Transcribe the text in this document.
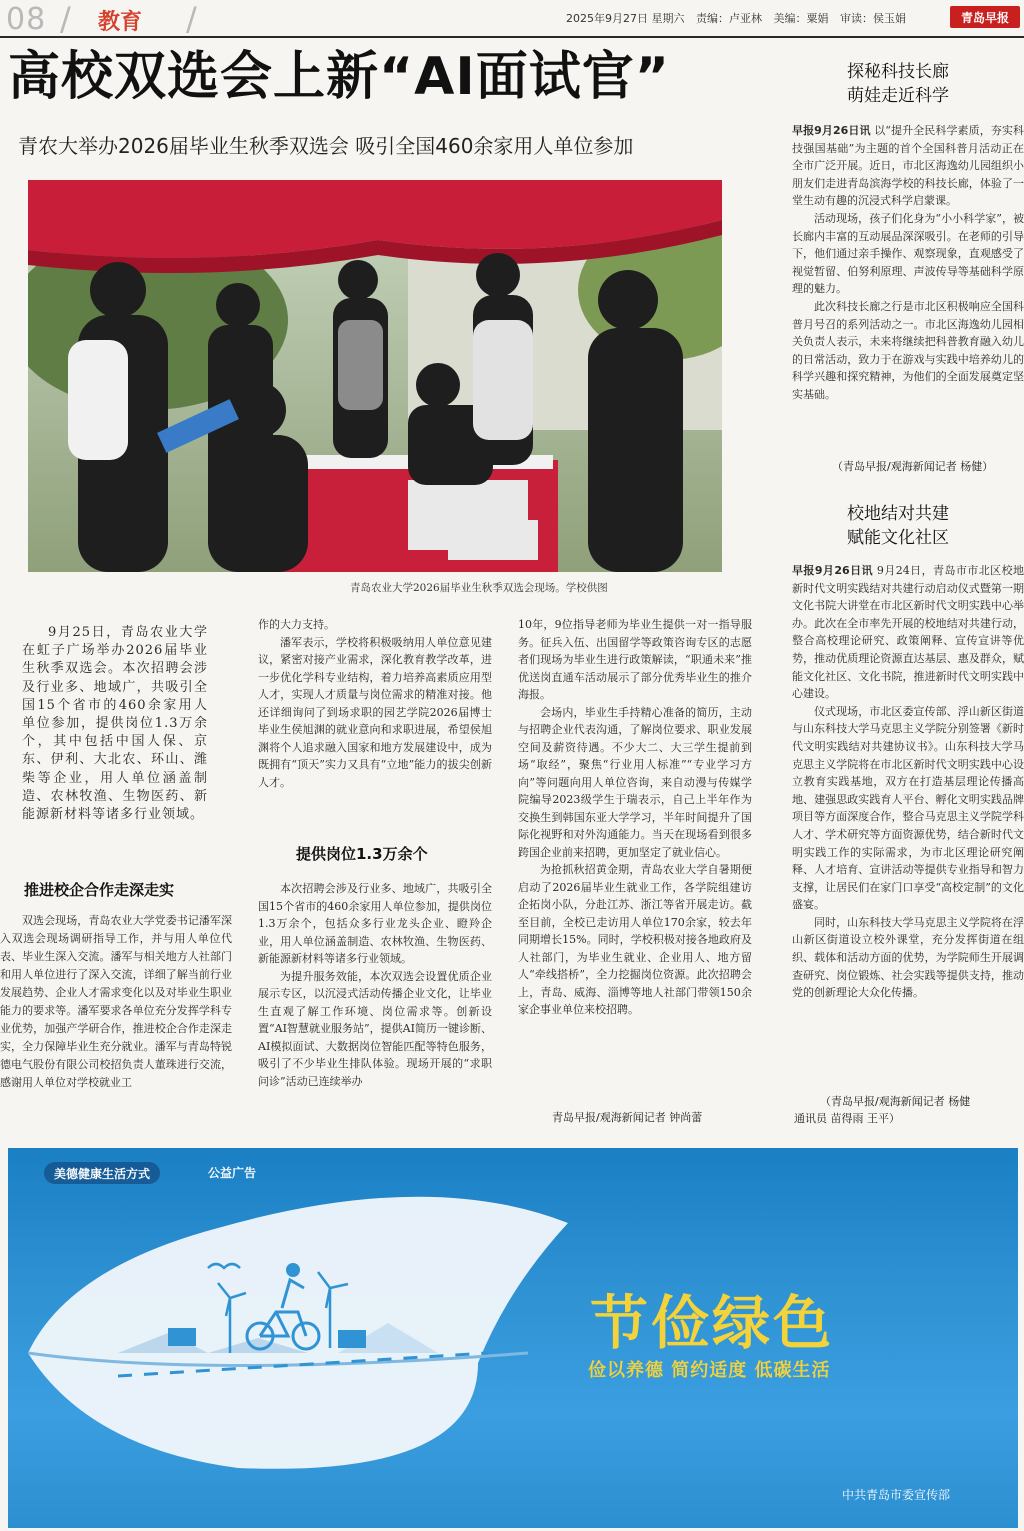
08 / 教育 /	2025年9月27日 星期六 责编：卢亚林 美编：粟娟 审读：侯玉娟	青岛早报
高校双选会上新“AI面试官”
青农大举办2026届毕业生秋季双选会 吸引全国460余家用人单位参加
青岛农业大学2026届毕业生秋季双选会现场。学校供图

9月25日，青岛农业大学在虹子广场举办2026届毕业生秋季双选会。本次招聘会涉及行业多、地域广，共吸引全国15个省市的460余家用人单位参加，提供岗位1.3万余个，其中包括中国人保、京东、伊利、大北农、环山、潍柴等企业，用人单位涵盖制造、农林牧渔、生物医药、新能源新材料等诸多行业领域。

推进校企合作走深走实

双选会现场，青岛农业大学党委书记潘军深入双选会现场调研指导工作，并与用人单位代表、毕业生深入交流。潘军与相关地方人社部门和用人单位进行了深入交流，详细了解当前行业发展趋势、企业人才需求变化以及对毕业生职业能力的要求等。潘军要求各单位充分发挥学科专业优势，加强产学研合作，推进校企合作走深走实，全力保障毕业生充分就业。潘军与青岛特锐德电气股份有限公司校招负责人董珠进行交流，感谢用人单位对学校就业工

作的大力支持。

潘军表示，学校将积极吸纳用人单位意见建议，紧密对接产业需求，深化教育教学改革，进一步优化学科专业结构，着力培养高素质应用型人才，实现人才质量与岗位需求的精准对接。他还详细询问了到场求职的园艺学院2026届博士毕业生侯旭渊的就业意向和求职进展，希望侯旭渊将个人追求融入国家和地方发展建设中，成为既拥有“顶天”实力又具有“立地”能力的拔尖创新人才。

提供岗位1.3万余个

本次招聘会涉及行业多、地域广，共吸引全国15个省市的460余家用人单位参加，提供岗位1.3万余个，包括众多行业龙头企业、瞪羚企业，用人单位涵盖制造、农林牧渔、生物医药、新能源新材料等诸多行业领域。

为提升服务效能，本次双选会设置优质企业展示专区，以沉浸式活动传播企业文化，让毕业生直观了解工作环境、岗位需求等。创新设置“AI智慧就业服务站”，提供AI简历一键诊断、AI模拟面试、大数据岗位智能匹配等特色服务，吸引了不少毕业生排队体验。现场开展的“求职问诊”活动已连续举办

10年，9位指导老师为毕业生提供一对一指导服务。征兵入伍、出国留学等政策咨询专区的志愿者们现场为毕业生进行政策解读，“职通未来”推优送岗直通车活动展示了部分优秀毕业生的推介海报。

会场内，毕业生手持精心准备的简历，主动与招聘企业代表沟通，了解岗位要求、职业发展空间及薪资待遇。不少大二、大三学生提前到场“取经”，聚焦“行业用人标准”“专业学习方向”等问题向用人单位咨询，来自动漫与传媒学院编导2023级学生于瑞表示，自己上半年作为交换生到韩国东亚大学学习，半年时间提升了国际化视野和对外沟通能力。当天在现场看到很多跨国企业前来招聘，更加坚定了就业信心。

为抢抓秋招黄金期，青岛农业大学自暑期便启动了2026届毕业生就业工作，各学院组建访企拓岗小队，分赴江苏、浙江等省开展走访。截至目前，全校已走访用人单位170余家，较去年同期增长15%。同时，学校积极对接各地政府及人社部门，为毕业生就业、企业用人、地方留人“牵线搭桥”，全力挖掘岗位资源。此次招聘会上，青岛、威海、淄博等地人社部门带领150余家企事业单位来校招聘。

青岛早报/观海新闻记者 钟尚蕾
探秘科技长廊
萌娃走近科学
早报9月26日讯 以“提升全民科学素质，夯实科技强国基础”为主题的首个全国科普月活动正在全市广泛开展。近日，市北区海逸幼儿园组织小朋友们走进青岛滨海学校的科技长廊，体验了一堂生动有趣的沉浸式科学启蒙课。
活动现场，孩子们化身为“小小科学家”，被长廊内丰富的互动展品深深吸引。在老师的引导下，他们通过亲手操作、观察现象，直观感受了视觉暂留、伯努利原理、声波传导等基础科学原理的魅力。
此次科技长廊之行是市北区积极响应全国科普月号召的系列活动之一。市北区海逸幼儿园相关负责人表示，未来将继续把科普教育融入幼儿的日常活动，致力于在游戏与实践中培养幼儿的科学兴趣和探究精神，为他们的全面发展奠定坚实基础。
（青岛早报/观海新闻记者 杨健）
校地结对共建
赋能文化社区
早报9月26日讯 9月24日，青岛市市北区校地新时代文明实践结对共建行动启动仪式暨第一期文化书院大讲堂在市北区新时代文明实践中心举办。此次在全市率先开展的校地结对共建行动，整合高校理论研究、政策阐释、宣传宣讲等优势，推动优质理论资源直达基层、惠及群众，赋能文化社区、文化书院，推进新时代文明实践中心建设。
仪式现场，市北区委宣传部、浮山新区街道与山东科技大学马克思主义学院分别签署《新时代文明实践结对共建协议书》。山东科技大学马克思主义学院将在市北区新时代文明实践中心设立教育实践基地，双方在打造基层理论传播高地、建强思政实践育人平台、孵化文明实践品牌项目等方面深度合作，整合马克思主义学院学科人才、学术研究等方面资源优势，结合新时代文明实践工作的实际需求，为市北区理论研究阐释、人才培育、宣讲活动等提供专业指导和智力支撑，让居民们在家门口享受“高校定制”的文化盛宴。
同时，山东科技大学马克思主义学院将在浮山新区街道设立校外课堂，充分发挥街道在组织、载体和活动方面的优势，为学院师生开展调查研究、岗位锻炼、社会实践等提供支持，推动党的创新理论大众化传播。
（青岛早报/观海新闻记者 杨健
通讯员 苗得雨 王平）
美德健康生活方式	公益广告
节俭绿色
俭以养德 简约适度 低碳生活
中共青岛市委宣传部
